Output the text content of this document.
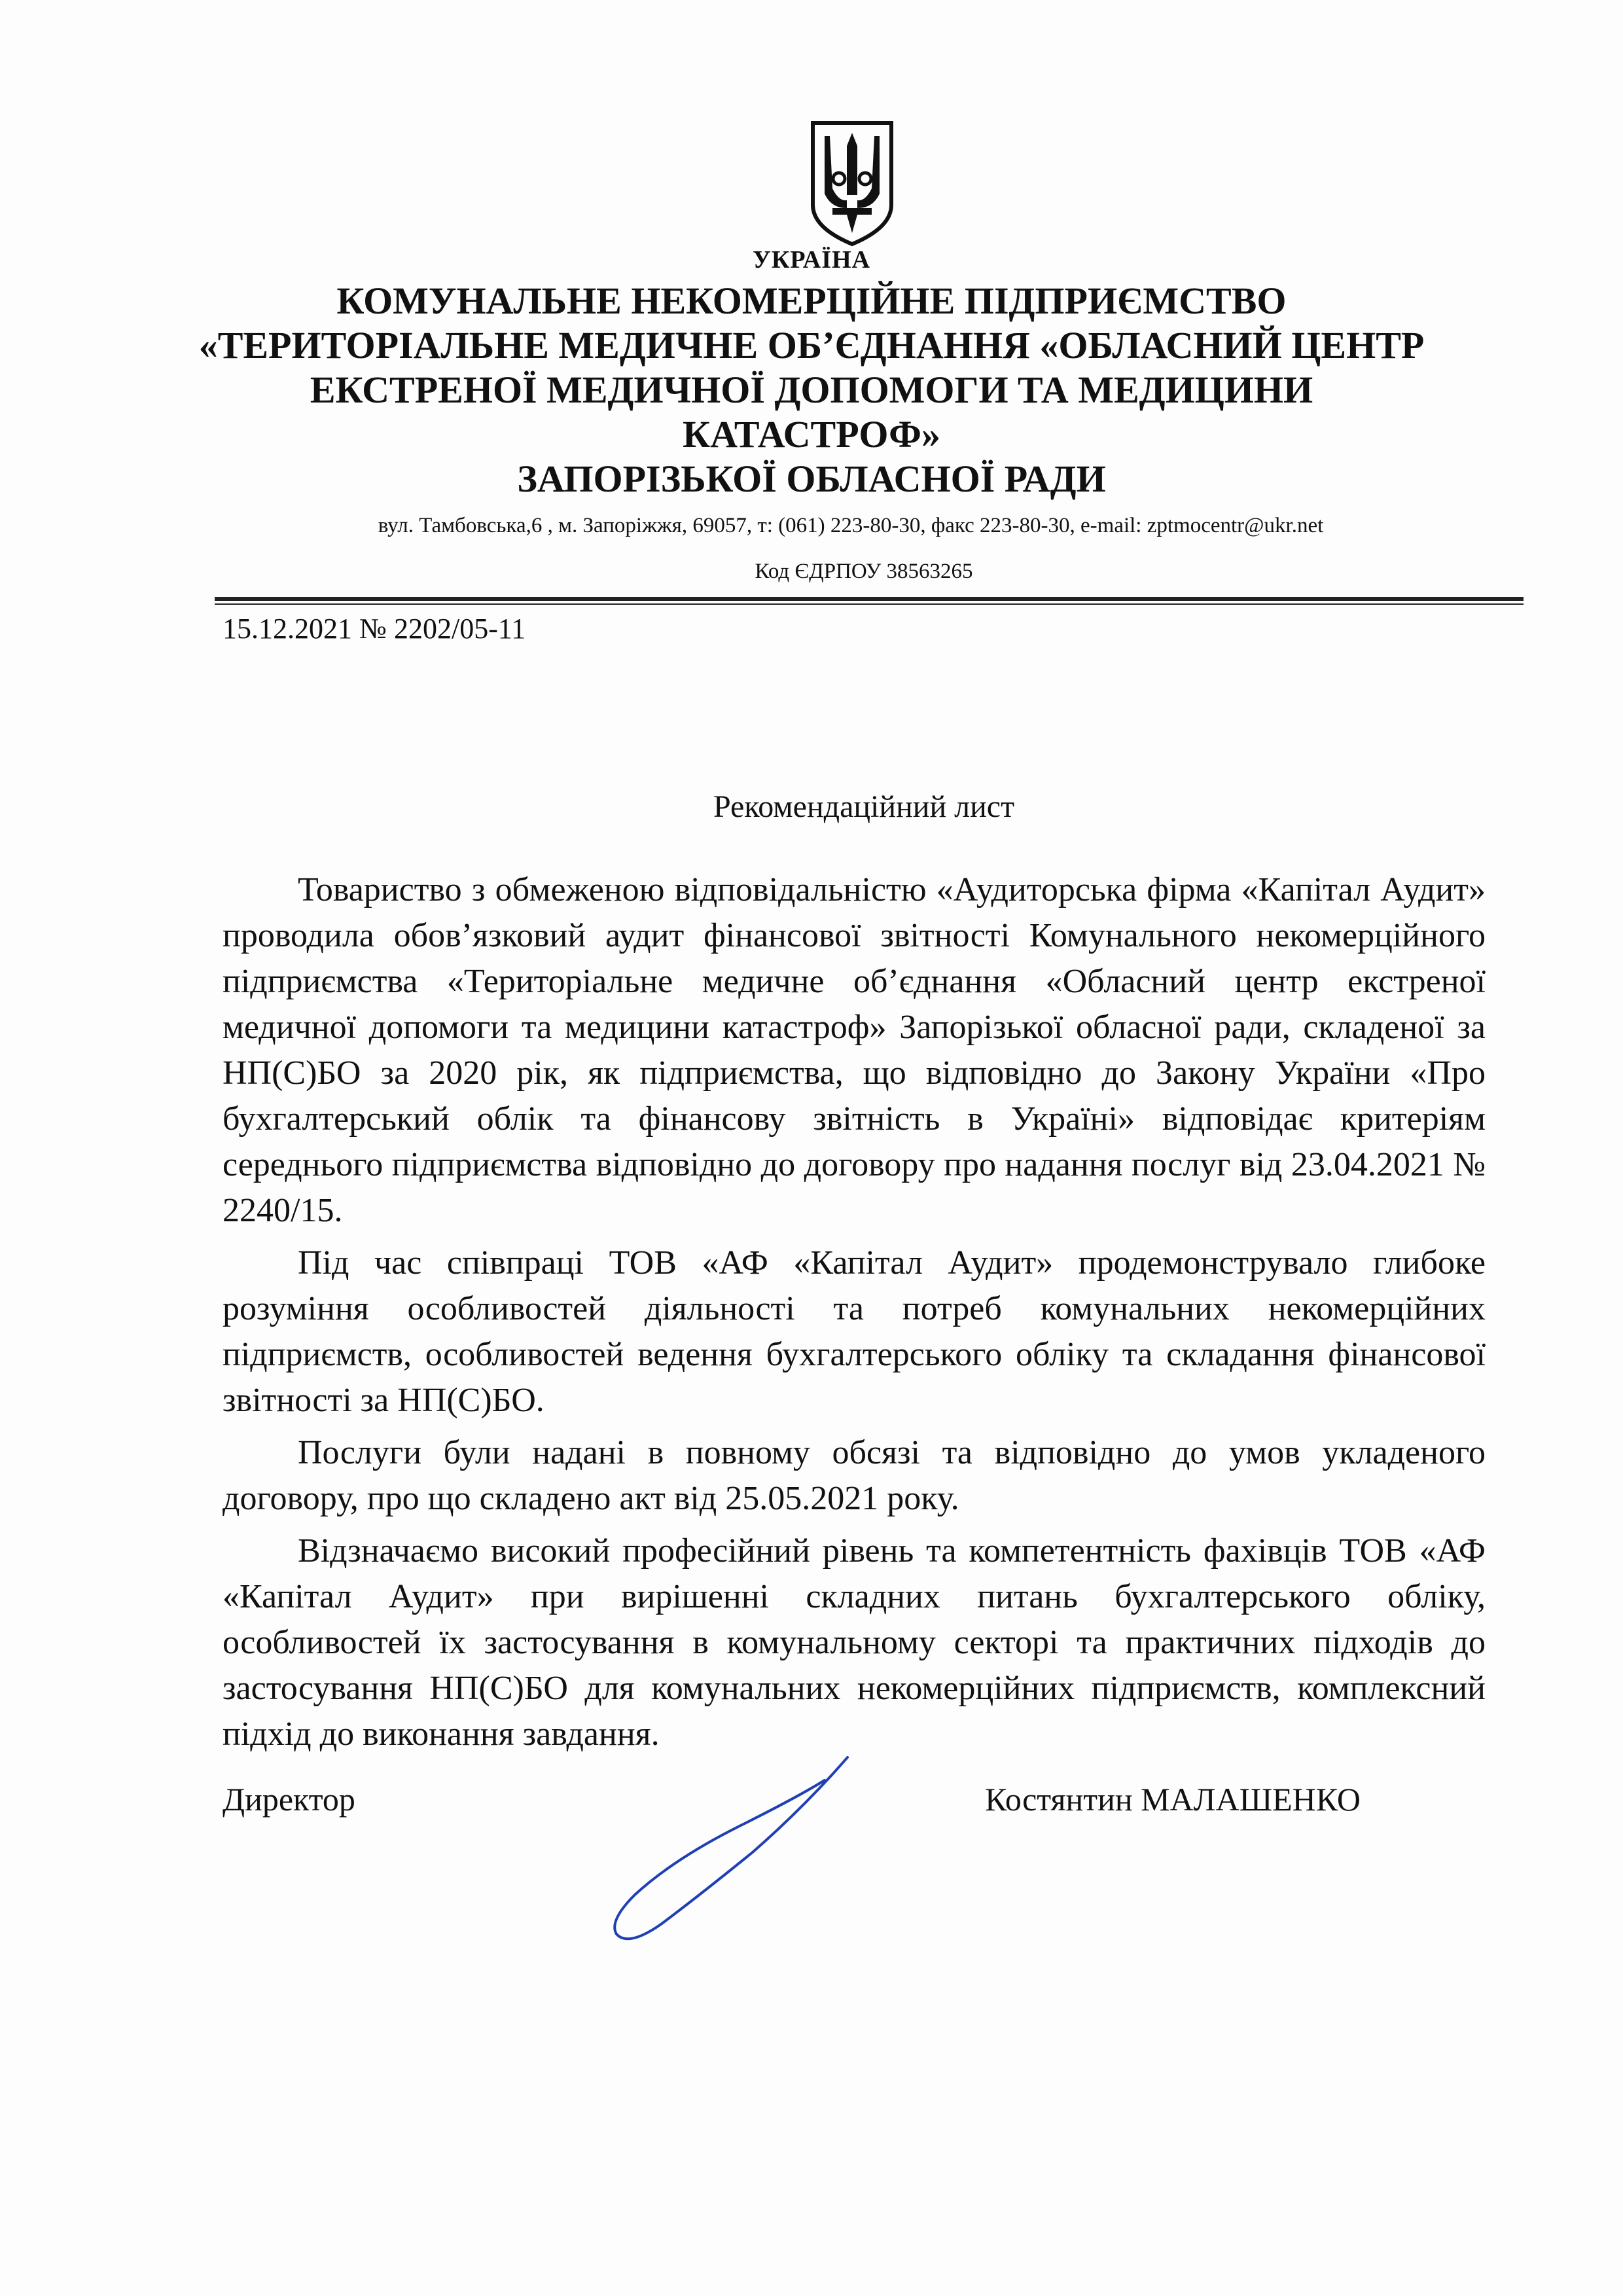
УКРАЇНА
КОМУНАЛЬНЕ НЕКОМЕРЦІЙНЕ ПІДПРИЄМСТВО
«ТЕРИТОРІАЛЬНЕ МЕДИЧНЕ ОБ’ЄДНАННЯ «ОБЛАСНИЙ ЦЕНТР
ЕКСТРЕНОЇ МЕДИЧНОЇ ДОПОМОГИ ТА МЕДИЦИНИ
КАТАСТРОФ»
ЗАПОРІЗЬКОЇ ОБЛАСНОЇ РАДИ
вул. Тамбовська,6 , м. Запоріжжя, 69057, т: (061) 223-80-30, факс 223-80-30, e-mail: zptmocentr@ukr.net
Код ЄДРПОУ 38563265
15.12.2021 № 2202/05-11
Рекомендаційний лист

Товариство з обмеженою відповідальністю «Аудиторська фірма «Капітал Аудит» проводила обов’язковий аудит фінансової звітності Комунального некомерційного підприємства «Територіальне медичне об’єднання «Обласний центр екстреної медичної допомоги та медицини катастроф» Запорізької обласної ради, складеної за НП(С)БО за 2020 рік, як підприємства, що відповідно до Закону України «Про бухгалтерський облік та фінансову звітність в Україні» відповідає критеріям середнього підприємства відповідно до договору про надання послуг від 23.04.2021 № 2240/15.

Під час співпраці ТОВ «АФ «Капітал Аудит» продемонструвало глибоке розуміння особливостей діяльності та потреб комунальних некомерційних підприємств, особливостей ведення бухгалтерського обліку та складання фінансової звітності за НП(С)БО.

Послуги були надані в повному обсязі та відповідно до умов укладеного договору, про що складено акт від 25.05.2021 року.

Відзначаємо високий професійний рівень та компетентність фахівців ТОВ «АФ «Капітал Аудит» при вирішенні складних питань бухгалтерського обліку, особливостей їх застосування в комунальному секторі та практичних підходів до застосування НП(С)БО для комунальних некомерційних підприємств, комплексний підхід до виконання завдання.

Директор	Костянтин МАЛАШЕНКО
